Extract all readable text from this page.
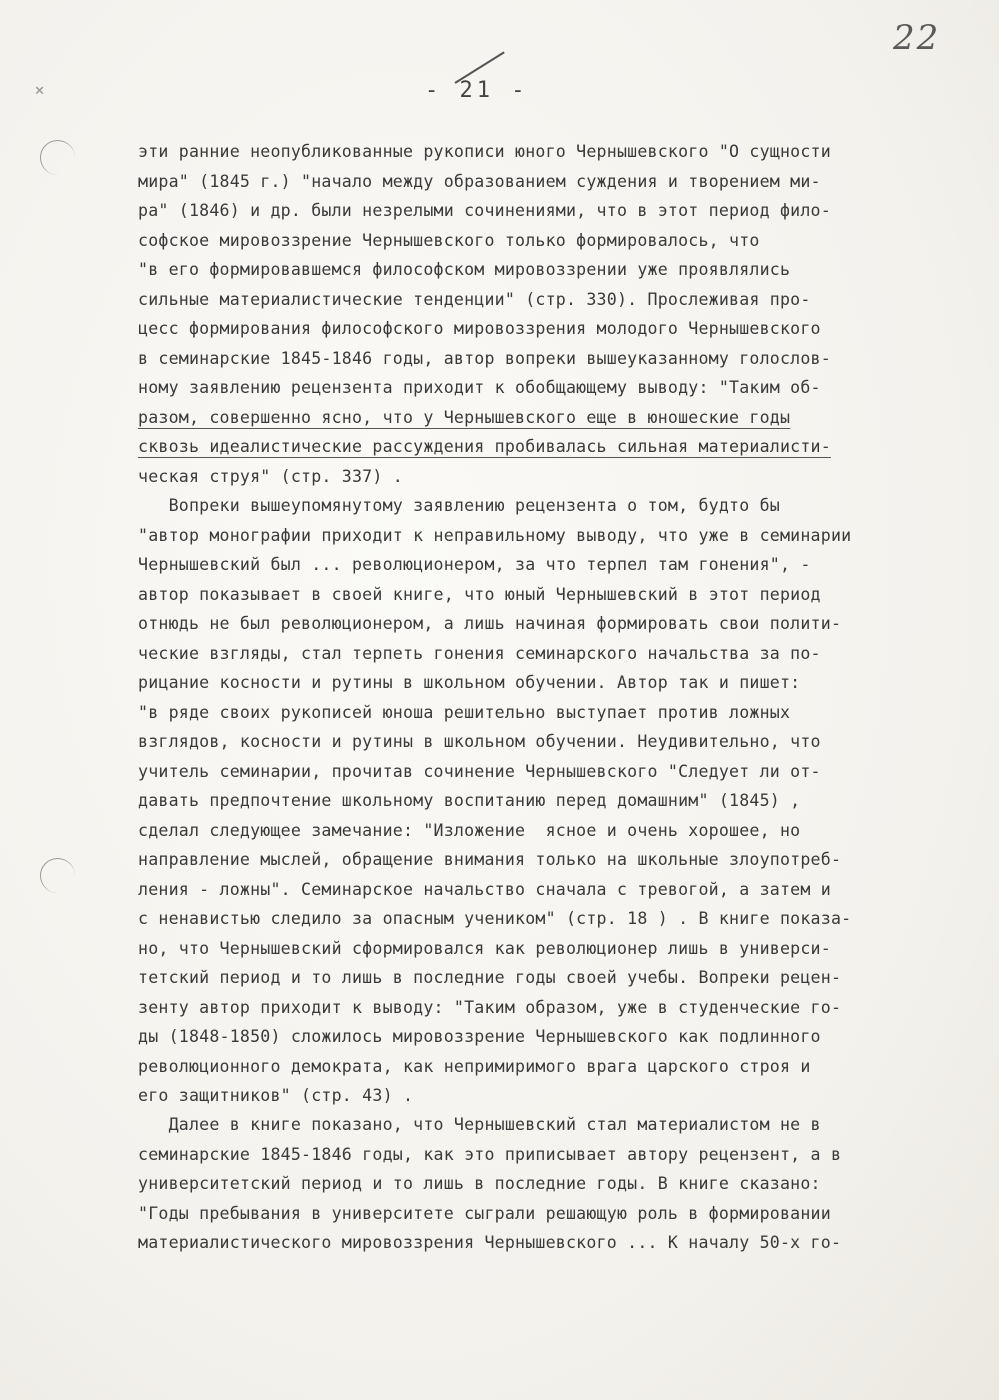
22
- 21 -
+
эти ранние неопубликованные рукописи юного Чернышевского "О сущности
мира" (1845 г.) "начало между образованием суждения и творением ми-
ра" (1846) и др. были незрелыми сочинениями, что в этот период фило-
софское мировоззрение Чернышевского только формировалось, что
"в его формировавшемся философском мировоззрении уже проявлялись
сильные материалистические тенденции" (стр. 330). Прослеживая про-
цесс формирования философского мировоззрения молодого Чернышевского
в семинарские 1845-1846 годы, автор вопреки вышеуказанному голослов-
ному заявлению рецензента приходит к обобщающему выводу: "Таким об-
разом, совершенно ясно, что у Чернышевского еще в юношеские годы
сквозь идеалистические рассуждения пробивалась сильная материалисти-
ческая струя" (стр. 337) .
Вопреки вышеупомянутому заявлению рецензента о том, будто бы
"автор монографии приходит к неправильному выводу, что уже в семинарии
Чернышевский был ... революционером, за что терпел там гонения", -
автор показывает в своей книге, что юный Чернышевский в этот период
отнюдь не был революционером, а лишь начиная формировать свои полити-
ческие взгляды, стал терпеть гонения семинарского начальства за по-
рицание косности и рутины в школьном обучении. Автор так и пишет:
"в ряде своих рукописей юноша решительно выступает против ложных
взглядов, косности и рутины в школьном обучении. Неудивительно, что
учитель семинарии, прочитав сочинение Чернышевского "Следует ли от-
давать предпочтение школьному воспитанию перед домашним" (1845) ,
сделал следующее замечание: "Изложение  ясное и очень хорошее, но
направление мыслей, обращение внимания только на школьные злоупотреб-
ления - ложны". Семинарское начальство сначала с тревогой, а затем и
с ненавистью следило за опасным учеником" (стр. 18 ) . В книге показа-
но, что Чернышевский сформировался как революционер лишь в универси-
тетский период и то лишь в последние годы своей учебы. Вопреки рецен-
зенту автор приходит к выводу: "Таким образом, уже в студенческие го-
ды (1848-1850) сложилось мировоззрение Чернышевского как подлинного
революционного демократа, как непримиримого врага царского строя и
его защитников" (стр. 43) .
Далее в книге показано, что Чернышевский стал материалистом не в
семинарские 1845-1846 годы, как это приписывает автору рецензент, а в
университетский период и то лишь в последние годы. В книге сказано:
"Годы пребывания в университете сыграли решающую роль в формировании
материалистического мировоззрения Чернышевского ... К началу 50-х го-
